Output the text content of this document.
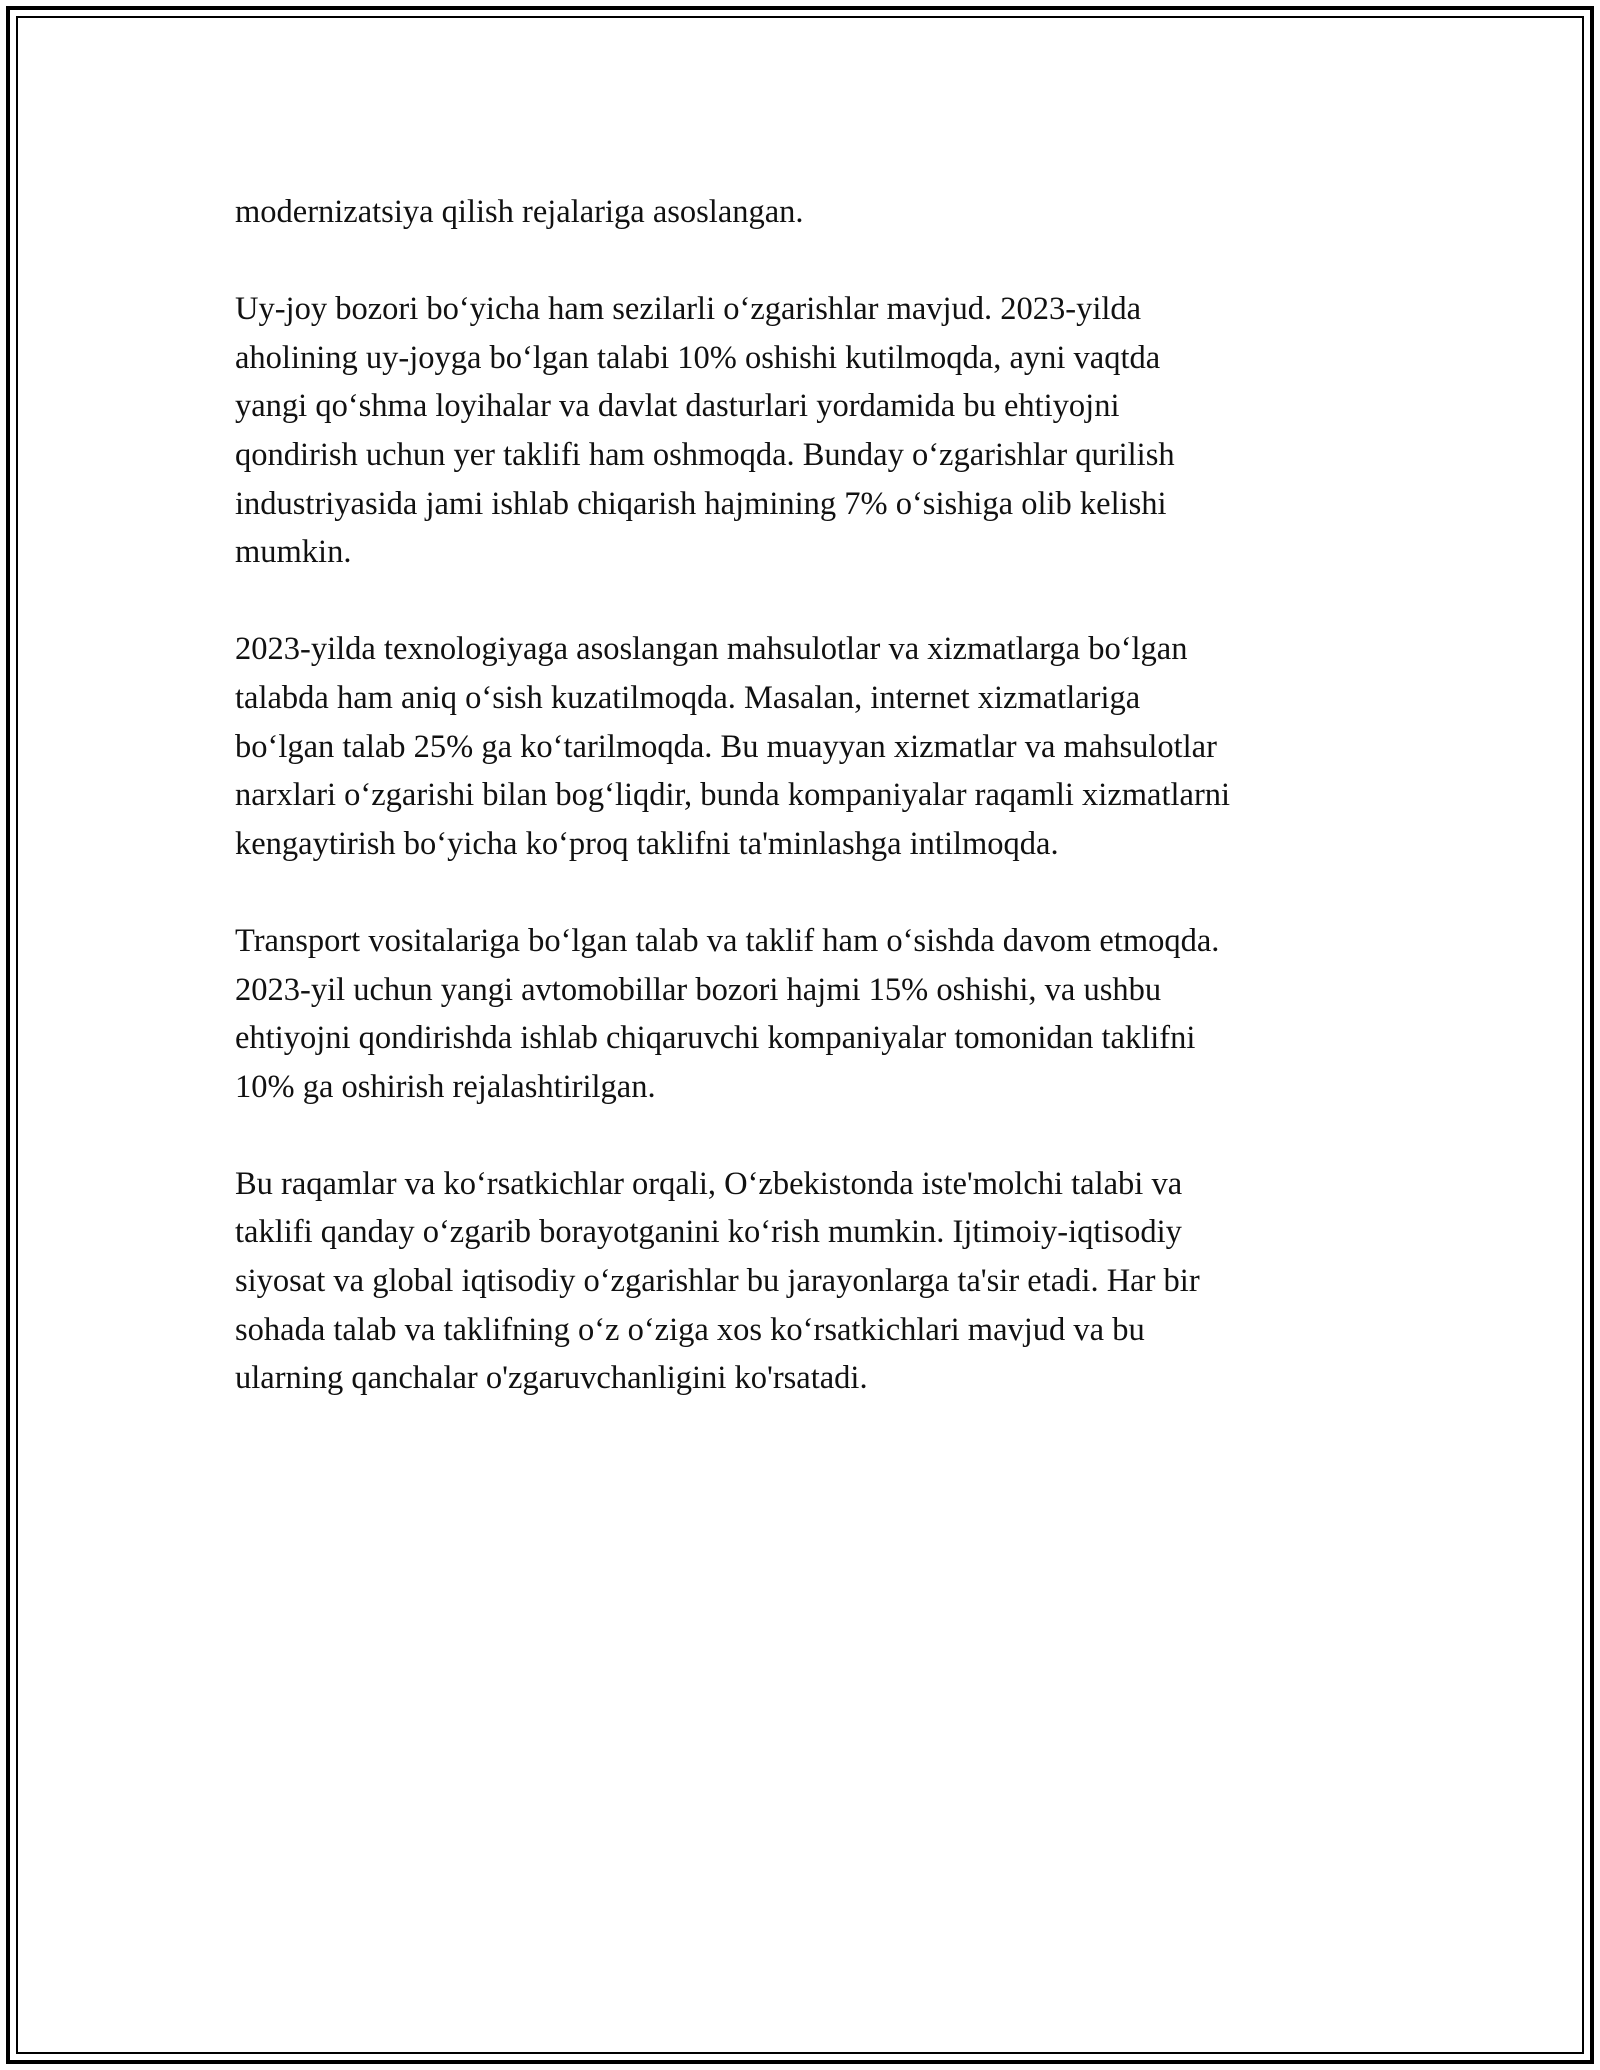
modernizatsiya qilish rejalariga asoslangan.

Uy-joy bozori boʻyicha ham sezilarli oʻzgarishlar mavjud. 2023-yilda
aholining uy-joyga boʻlgan talabi 10% oshishi kutilmoqda, ayni vaqtda
yangi qoʻshma loyihalar va davlat dasturlari yordamida bu ehtiyojni
qondirish uchun yer taklifi ham oshmoqda. Bunday oʻzgarishlar qurilish
industriyasida jami ishlab chiqarish hajmining 7% oʻsishiga olib kelishi
mumkin.

2023-yilda texnologiyaga asoslangan mahsulotlar va xizmatlarga boʻlgan
talabda ham aniq oʻsish kuzatilmoqda. Masalan, internet xizmatlariga
boʻlgan talab 25% ga koʻtarilmoqda. Bu muayyan xizmatlar va mahsulotlar
narxlari oʻzgarishi bilan bogʻliqdir, bunda kompaniyalar raqamli xizmatlarni
kengaytirish boʻyicha koʻproq taklifni ta'minlashga intilmoqda.

Transport vositalariga boʻlgan talab va taklif ham oʻsishda davom etmoqda.
2023-yil uchun yangi avtomobillar bozori hajmi 15% oshishi, va ushbu
ehtiyojni qondirishda ishlab chiqaruvchi kompaniyalar tomonidan taklifni
10% ga oshirish rejalashtirilgan.

Bu raqamlar va koʻrsatkichlar orqali, Oʻzbekistonda iste'molchi talabi va
taklifi qanday oʻzgarib borayotganini koʻrish mumkin. Ijtimoiy-iqtisodiy
siyosat va global iqtisodiy oʻzgarishlar bu jarayonlarga ta'sir etadi. Har bir
sohada talab va taklifning oʻz oʻziga xos koʻrsatkichlari mavjud va bu
ularning qanchalar o'zgaruvchanligini ko'rsatadi.
